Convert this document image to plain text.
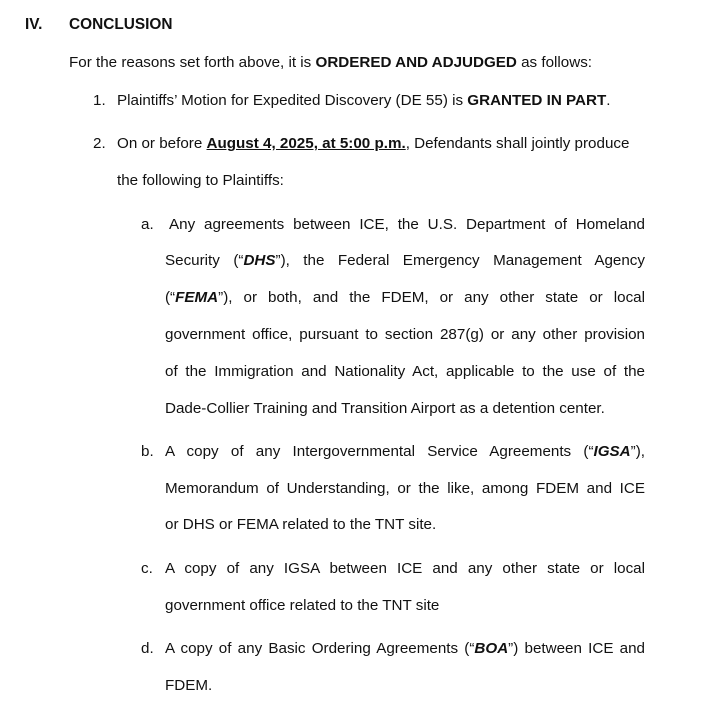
IV. CONCLUSION
For the reasons set forth above, it is ORDERED AND ADJUDGED as follows:
1. Plaintiffs’ Motion for Expedited Discovery (DE 55) is GRANTED IN PART.
2. On or before August 4, 2025, at 5:00 p.m., Defendants shall jointly produce
the following to Plaintiffs:
a. Any agreements between ICE, the U.S. Department of Homeland
Security (“DHS”), the Federal Emergency Management Agency
(“FEMA”), or both, and the FDEM, or any other state or local
government office, pursuant to section 287(g) or any other provision
of the Immigration and Nationality Act, applicable to the use of the
Dade-Collier Training and Transition Airport as a detention center.
b. A copy of any Intergovernmental Service Agreements (“IGSA”),
Memorandum of Understanding, or the like, among FDEM and ICE
or DHS or FEMA related to the TNT site.
c. A copy of any IGSA between ICE and any other state or local
government office related to the TNT site
d. A copy of any Basic Ordering Agreements (“BOA”) between ICE and
FDEM.
